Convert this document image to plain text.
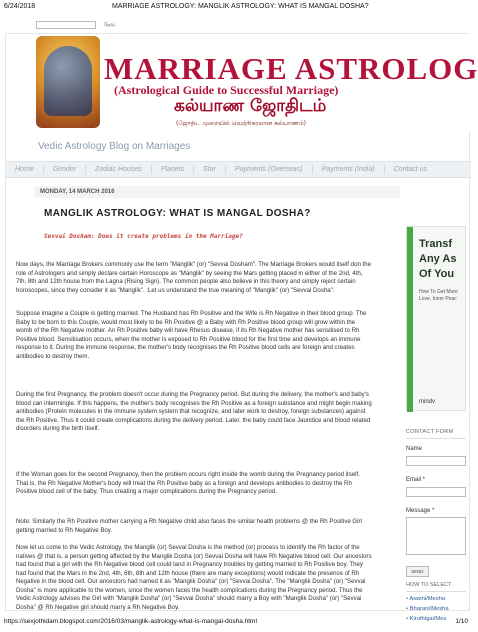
6/24/2018	MARRIAGE ASTROLOGY: MANGLIK ASTROLOGY: WHAT IS MANGAL DOSHA?
தேடு
MARRIAGE ASTROLOG
(Astrological Guide to Successful Marriage)
கல்யாண ஜோதிடம்
(ஜோதிட முறையில் வெற்றிகரமான கல்யாணம்)
Vedic Astrology Blog on Marriages
Home	Gender	Zodiac Houses	Planets	Star	Payments (Overseas)	Payments (India)	Contact us
MONDAY, 14 MARCH 2016
MANGLIK ASTROLOGY: WHAT IS MANGAL DOSHA?
Sevvai Dosham: Does it create problems in the Marriage?

Now days, the Marriage Brokers commonly use the term "Manglik" (or) "Sevvai Dosham". The Marriage Brokers would itself don the role of Astrologers and simply declare certain Horoscope as "Manglik" by seeing the Mars getting placed in either of the 2nd, 4th, 7th, 8th and 12th house from the Lagna (Rising Sign). The common people also believe in this theory and simply reject certain horoscopes, since they consider it as "Manglik". :Let us understand the true meaning of "Manglik" (or) "Sevvai Dosha".

Suppose imagine a Couple is getting married. The Husband has Rh Positive and the Wife is Rh Negative in their blood group. The Baby to be born to this Couple, would most likely to be Rh Positive @ a Baby with Rh Positive blood group will grow within the womb of the Rh Negative mother. An Rh Positive baby will have Rhesus disease, if its Rh Negative mother has sensitised to Rh Positive blood. Sensitisation occurs, when the mother is exposed to Rh Positive blood for the first time and develops an immune response to it. During the immune response, the mother's body recognises the Rh Positive blood cells are foreign and creates antibodies to destroy them.

During the first Pregnancy, the problem doesn't occur during the Pregnancy period. But during the delivery, the mother's and baby's blood can intermingle. If this happens, the mother's body recognises the Rh Positive as a foreign substance and might begin making antibodies (Protein molecules in the immune system system that recognize, and later work to destroy, foreign substances) against the Rh Positive. Thus it could create complications during the delivery period. Later, the baby could face Jaundice and blood related disorders during the birth itself.

If the Woman goes for the second Pregnancy, then the problem occurs right inside the womb during the Pregnancy period itself. That is, the Rh Negative Mother's body will treat the Rh Positive baby as a foreign and develops antibodies to destroy the Rh Positive blood cell of the baby. Thus creating a major complications during the Pregnancy period.

Note: Similarly the Rh Positive mother carrying a Rh Negative child also faces the similar health problems @ the Rh Positive Girl getting married to Rh Negative Boy.

Now let us come to the Vedic Astrology, the Manglik (or) Sevvai Dosha is the method (or) process to identify the Rh factor of the natives @ that is, a person getting affected by the Manglik Dosha (or) Sevvai Dosha will have Rh Negative blood cell. Our ancestors had found that a girl with the Rh Negative blood cell could land in Pregnancy troubles by getting married to Rh Positive boy. They had found that the Mars in the 2nd, 4th, 6th, 8th and 12th house (there are many exceptions) would indicate the presence of Rh Negative in the blood cell. Our ancestors had named it as "Manglik Dosha" (or) "Sevvai Dosha". The "Manglik Dosha" (or) "Sevvai Dosha" is more applicable to the women, since the women faces the health complications during the Pregnancy period. Thus the Vedic Astrology advises the Girl with "Manglik Dosha" (or) "Sevvai Dosha" should marry a Boy with "Manglik Dosha" (or) "Sevvai Dosha" @ Rh Negative girl should marry a Rh Negative Boy.

Transf Any As Of You
How To Get More Love, Inner Peac
mindv
CONTACT FORM
Name
Email *
Message *
SEND
HOW TO SELECT
• Aswini/Mesha
• Bharani/Mesha
• Kiruthigai/Mes
https://sexjothidam.blogspot.com/2016/03/manglik-astrology-what-is-mangal-dosha.html	1/10
